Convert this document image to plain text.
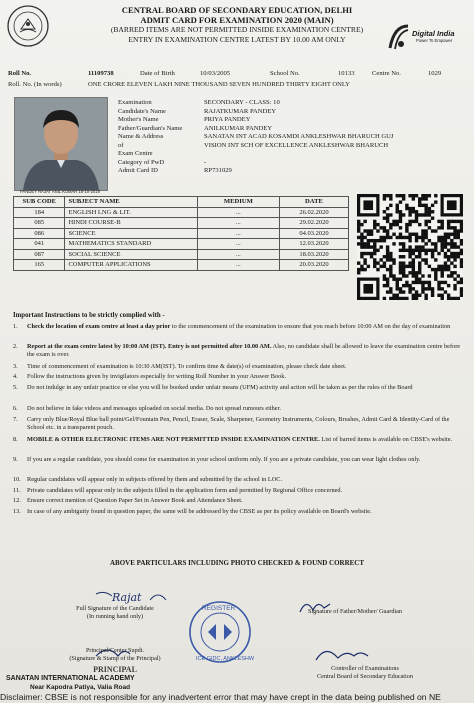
Digital India
Power To Empower
CENTRAL BOARD OF SECONDARY EDUCATION, DELHI
ADMIT CARD FOR EXAMINATION 2020 (MAIN)
(BARRED ITEMS ARE NOT PERMITTED INSIDE EXAMINATION CENTRE)
ENTRY IN EXAMINATION CENTRE LATEST BY 10.00 AM ONLY
Roll No.	11109738	Date of Birth	10/03/2005	School No.	10133	Centre No.	1029
Roll. No. (In words)	ONE CRORE ELEVEN LAKH NINE THOUSAND SEVEN HUNDRED THIRTY EIGHT ONLY
PANDEY RAJAT ANIL KUMAR 16-10-2019
Examination	SECONDARY - CLASS: 10
Candidate's Name	RAJATKUMAR PANDEY
Mother's Name	PRIYA PANDEY
Father/Guardian's Name	ANILKUMAR PANDEY
Name & Address	SANATAN INT ACAD KOSAMDI ANKLESHWAR BHARUCH GUJ
of	VISION INT SCH OF EXCELLENCE ANKLESHWAR BHARUCH
Exam Centre
Category of PwD	-
Admit Card ID	RP731029
SUB CODE	SUBJECT NAME	MEDIUM	DATE
184	ENGLISH LNG & LIT.	...	26.02.2020
085	HINDI COURSE-B	...	29.02.2020
086	SCIENCE	...	04.03.2020
041	MATHEMATICS STANDARD	...	12.03.2020
087	SOCIAL SCIENCE	...	18.03.2020
165	COMPUTER APPLICATIONS	...	20.03.2020
Important Instructions to be strictly complied with -
1. Check the location of exam centre at least a day prior to the commencement of the examination to ensure that you reach before 10:00 AM on the day of examination
2. Report at the exam centre latest by 10:00 AM (IST). Entry is not permitted after 10.00 AM. Also, no candidate shall be allowed to leave the examination centre before the exam is over.
3. Time of commencement of examination is 10:30 AM(IST). To confirm time & date(s) of examination, please check date sheet.
4. Follow the instructions given by invigilators especially for writing Roll Number in your Answer Book.
5. Do not indulge in any unfair practice or else you will be booked under unfair means (UFM) activity and action will be taken as per the rules of the Board
6. Do not believe in fake videos and messages uploaded on social media. Do not spread rumours either.
7. Carry only Blue/Royal Blue ball point/Gel/Fountain Pen, Pencil, Eraser, Scale, Sharpener, Geometry Instruments, Colours, Brushes, Admit Card & Identity-Card of the School etc. in a transparent pouch.
8. MOBILE & OTHER ELECTRONIC ITEMS ARE NOT PERMITTED INSIDE EXAMINATION CENTRE. List of barred items is available on CBSE's website.
9. If you are a regular candidate, you should come for examination in your school uniform only. If you are a private candidate, you can wear light clothes only.
10. Regular candidates will appear only in subjects offered by them and submitted by the school in LOC.
11. Private candidates will appear only in the subjects filled in the application form and permitted by Regional Office concerned.
12. Ensure correct mention of Question Paper Set in Answer Book and Attendance Sheet.
13. In case of any ambiguity found in question paper, the same will be addressed by the CBSE as per its policy available on Board's website.
ABOVE PARTICULARS INCLUDING PHOTO CHECKED & FOUND CORRECT
Rajat
REGISTER
ICE GIDC, ANKLESHW
Full Signature of the Candidate
(In running hand only)
Signature of Father/Mother/ Guardian
Principal/Center Supdt.
(Signature & Stamp of the Principal)
PRINCIPAL
SANATAN INTERNATIONAL ACADEMY
Near Kapodra Patiya, Valia Road
Controller of Examinations
Central Board of Secondary Education
Disclaimer: CBSE is not responsible for any inadvertent error that may have crept in the data being published on NE
